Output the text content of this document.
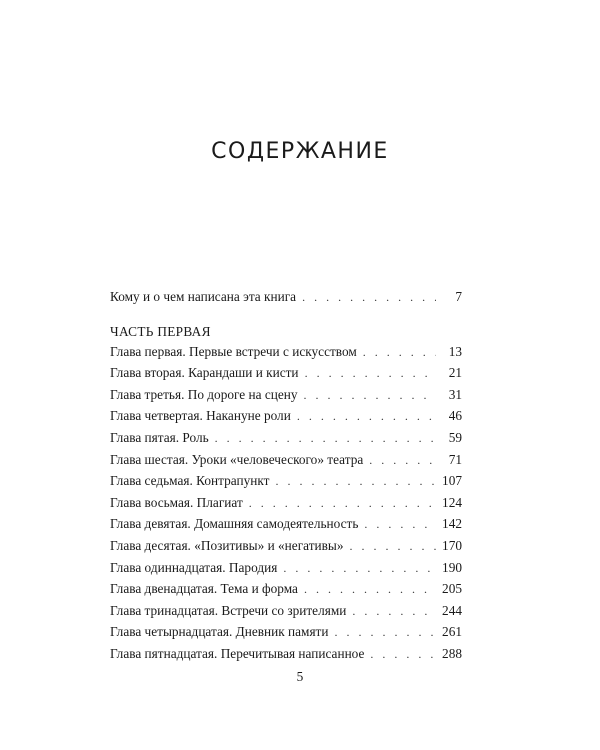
СОДЕРЖАНИЕ
Кому и о чем написана эта книга . . .	7
ЧАСТЬ ПЕРВАЯ
Глава первая. Первые встречи с искусством . . .	13
Глава вторая. Карандаши и кисти . . .	21
Глава третья. По дороге на сцену . . .	31
Глава четвертая. Накануне роли . . .	46
Глава пятая. Роль . . .	59
Глава шестая. Уроки «человеческого» театра . . .	71
Глава седьмая. Контрапункт . . .	107
Глава восьмая. Плагиат . . .	124
Глава девятая. Домашняя самодеятельность . . .	142
Глава десятая. «Позитивы» и «негативы» . . .	170
Глава одиннадцатая. Пародия . . .	190
Глава двенадцатая. Тема и форма . . .	205
Глава тринадцатая. Встречи со зрителями . . .	244
Глава четырнадцатая. Дневник памяти . . .	261
Глава пятнадцатая. Перечитывая написанное . . .	288
5
